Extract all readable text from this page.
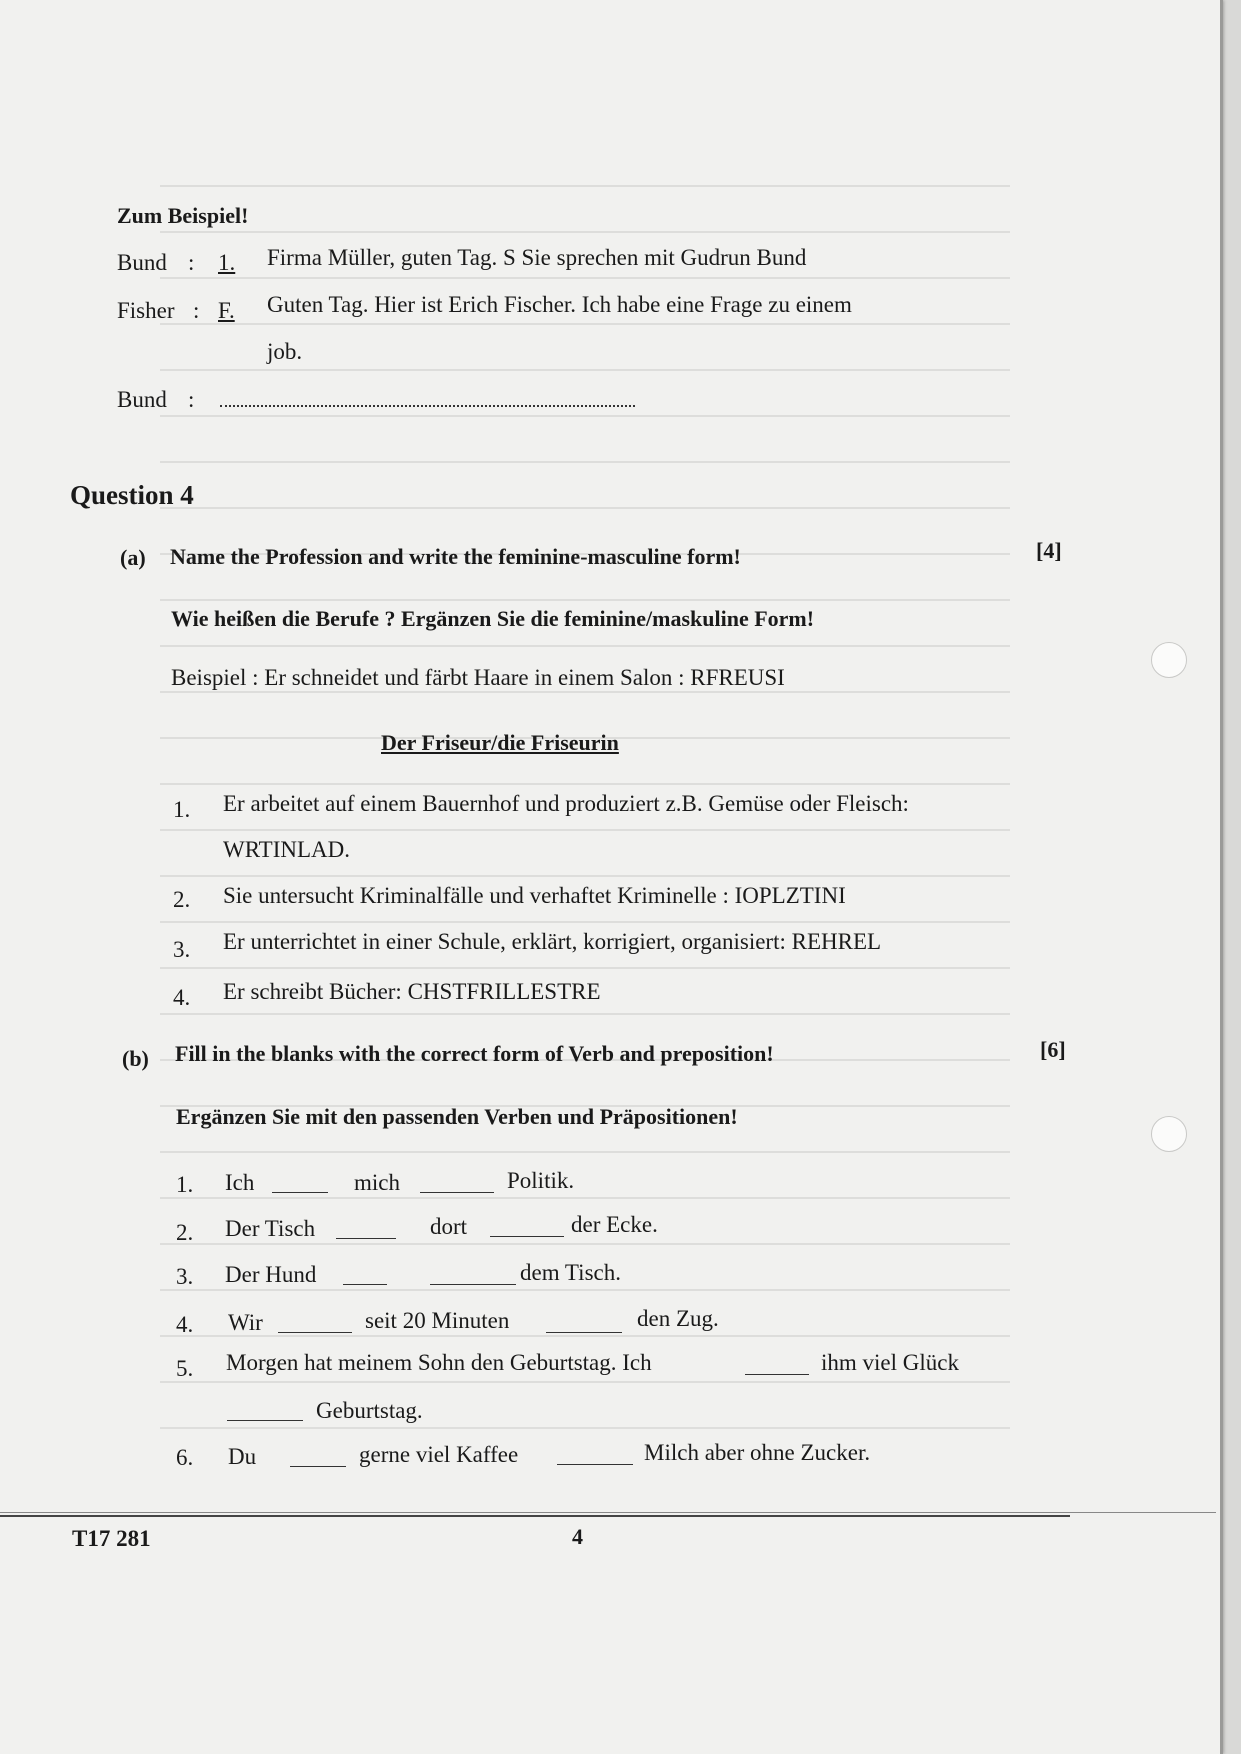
Zum Beispiel!
Bund : 1. Firma Müller, guten Tag. S Sie sprechen mit Gudrun Bund
Fisher : F. Guten Tag. Hier ist Erich Fischer. Ich habe eine Frage zu einem
job.
Bund :
Question 4
(a) Name the Profession and write the feminine-masculine form!	[4]
Wie heißen die Berufe ? Ergänzen Sie die feminine/maskuline Form!
Beispiel : Er schneidet und färbt Haare in einem Salon : RFREUSI
Der Friseur/die Friseurin
1. Er arbeitet auf einem Bauernhof und produziert z.B. Gemüse oder Fleisch:
WRTINLAD.
2. Sie untersucht Kriminalfälle und verhaftet Kriminelle : IOPLZTINI
3. Er unterrichtet in einer Schule, erklärt, korrigiert, organisiert: REHREL
4. Er schreibt Bücher: CHSTFRILLESTRE
(b) Fill in the blanks with the correct form of Verb and preposition!	[6]
Ergänzen Sie mit den passenden Verben und Präpositionen!
1. Ich	mich	Politik.
2. Der Tisch	dort	der Ecke.
3. Der Hund	dem Tisch.
4. Wir	seit 20 Minuten	den Zug.
5. Morgen hat meinem Sohn den Geburtstag. Ich	ihm viel Glück
Geburtstag.
6. Du	gerne viel Kaffee	Milch aber ohne Zucker.
T17 281	4
